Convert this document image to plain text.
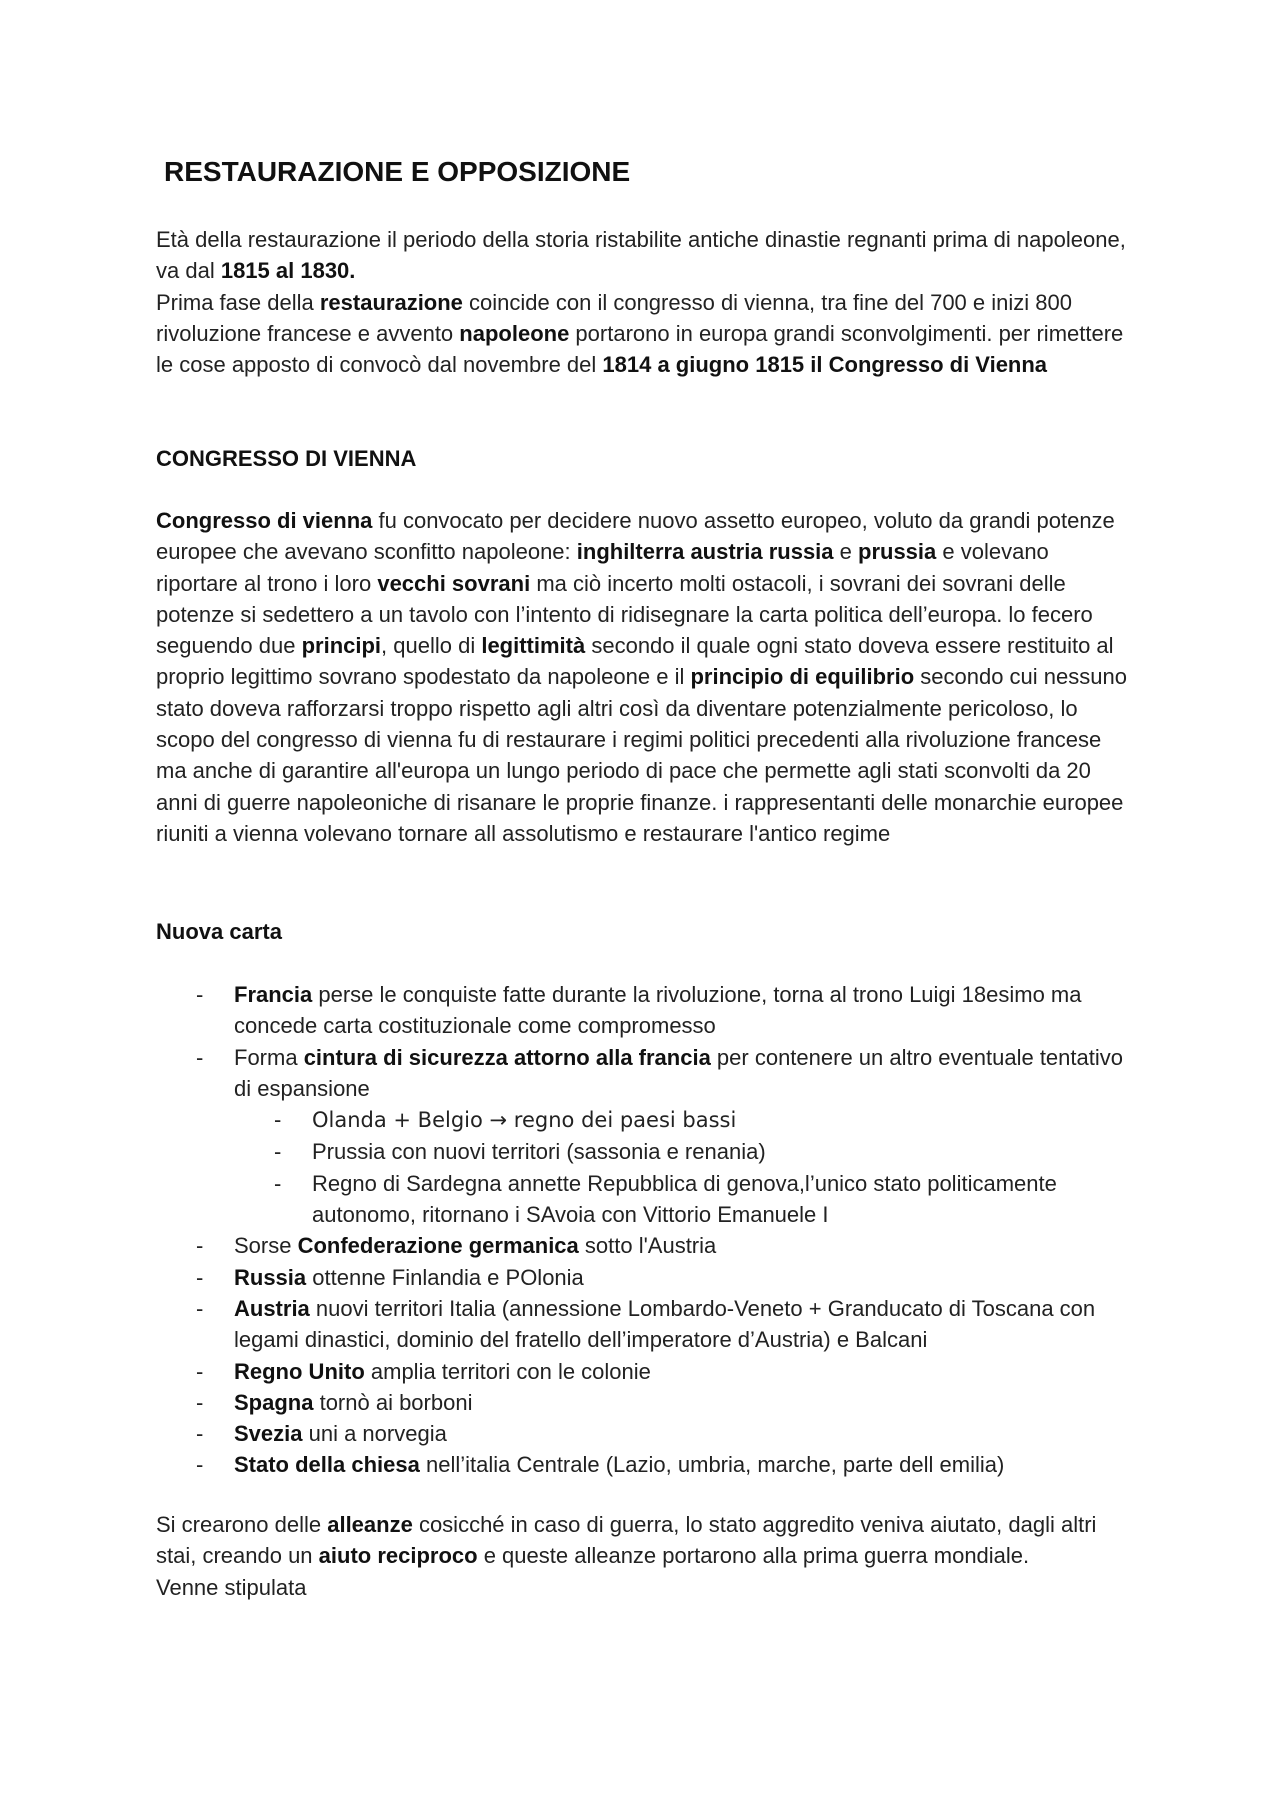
RESTAURAZIONE E OPPOSIZIONE

Età della restaurazione il periodo della storia ristabilite antiche dinastie regnanti prima di napoleone, va dal 1815 al 1830.
Prima fase della restaurazione coincide con il congresso di vienna, tra fine del 700 e inizi 800 rivoluzione francese e avvento napoleone portarono in europa grandi sconvolgimenti. per rimettere le cose apposto di convocò dal novembre del 1814 a giugno 1815 il Congresso di Vienna

CONGRESSO DI VIENNA

Congresso di vienna fu convocato per decidere nuovo assetto europeo, voluto da grandi potenze europee che avevano sconfitto napoleone: inghilterra austria russia e prussia e volevano riportare al trono i loro vecchi sovrani ma ciò incerto molti ostacoli, i sovrani dei sovrani delle potenze si sedettero a un tavolo con l’intento di ridisegnare la carta politica dell’europa. lo fecero seguendo due principi, quello di legittimità secondo il quale ogni stato doveva essere restituito al proprio legittimo sovrano spodestato da napoleone e il principio di equilibrio secondo cui nessuno stato doveva rafforzarsi troppo rispetto agli altri così da diventare potenzialmente pericoloso, lo scopo del congresso di vienna fu di restaurare i regimi politici precedenti alla rivoluzione francese ma anche di garantire all'europa un lungo periodo di pace che permette agli stati sconvolti da 20 anni di guerre napoleoniche di risanare le proprie finanze. i rappresentanti delle monarchie europee riuniti a vienna volevano tornare all assolutismo e restaurare l'antico regime

Nuova carta
- Francia perse le conquiste fatte durante la rivoluzione, torna al trono Luigi 18esimo ma concede carta costituzionale come compromesso
- Forma cintura di sicurezza attorno alla francia per contenere un altro eventuale tentativo di espansione
- Olanda + Belgio → regno dei paesi bassi
- Prussia con nuovi territori (sassonia e renania)
- Regno di Sardegna annette Repubblica di genova,l’unico stato politicamente autonomo, ritornano i SAvoia con Vittorio Emanuele I
- Sorse Confederazione germanica sotto l'Austria
- Russia ottenne Finlandia e POlonia
- Austria nuovi territori Italia (annessione Lombardo-Veneto + Granducato di Toscana con legami dinastici, dominio del fratello dell’imperatore d’Austria) e Balcani
- Regno Unito amplia territori con le colonie
- Spagna tornò ai borboni
- Svezia uni a norvegia
- Stato della chiesa nell’italia Centrale (Lazio, umbria, marche, parte dell emilia)

Si crearono delle alleanze cosicché in caso di guerra, lo stato aggredito veniva aiutato, dagli altri stai, creando un aiuto reciproco e queste alleanze portarono alla prima guerra mondiale.
Venne stipulata
